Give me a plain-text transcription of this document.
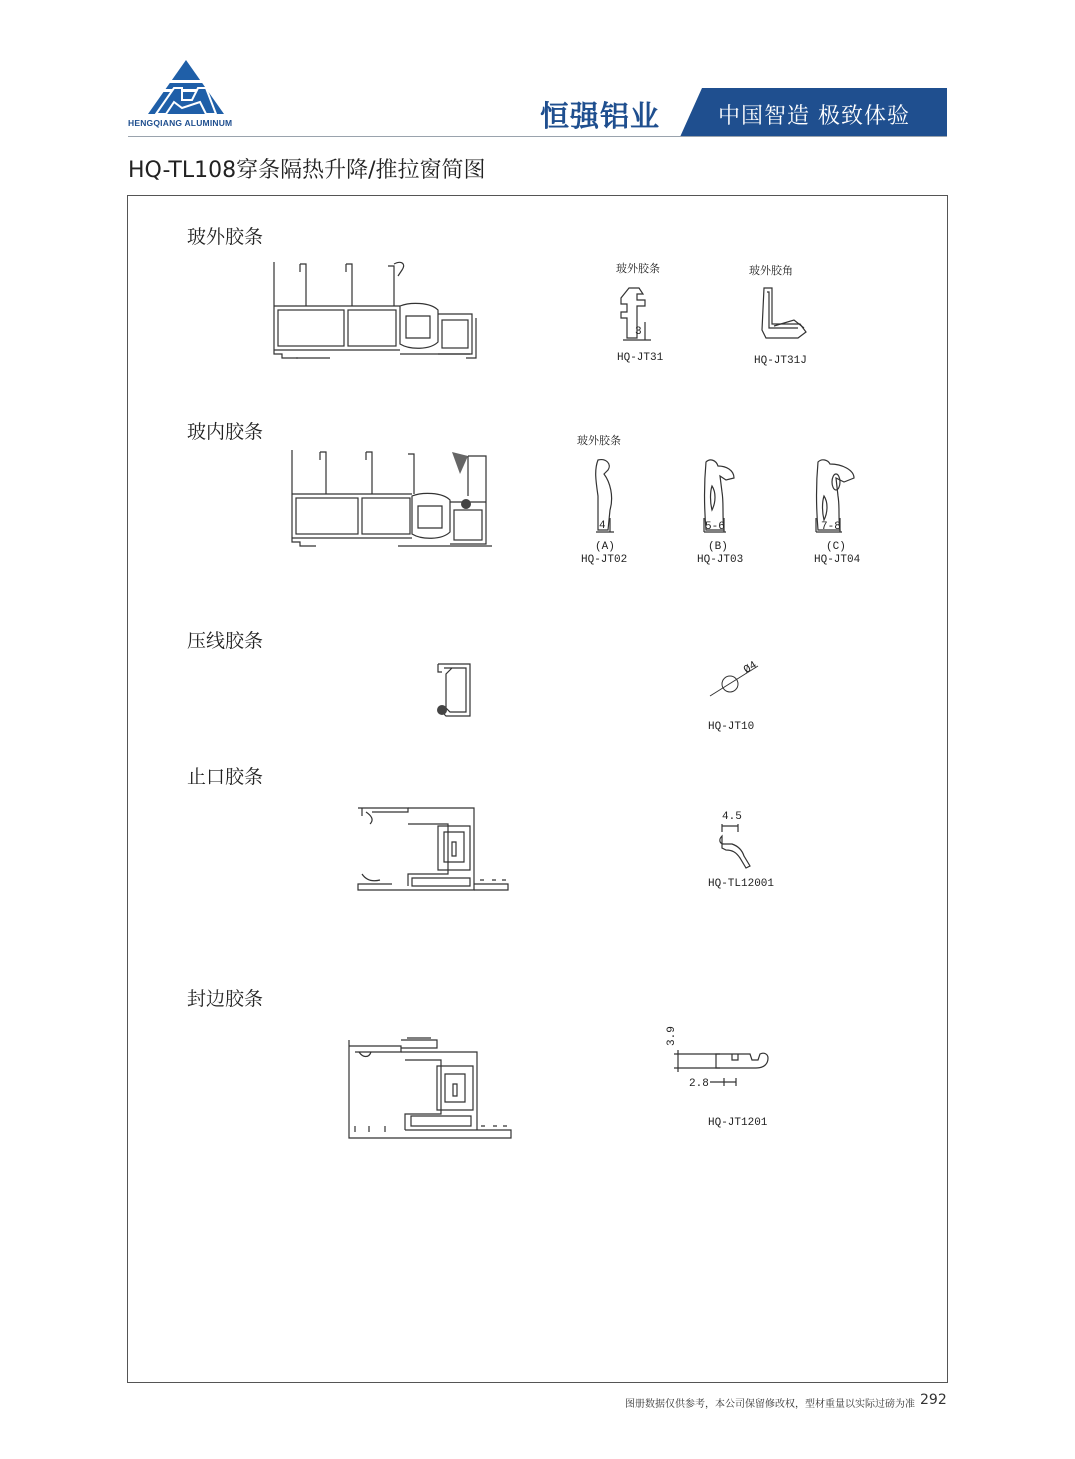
HENGQIANG ALUMINUM	恒强铝业	中国智造 极致体验
HQ-TL108穿条隔热升降/推拉窗简图
玻外胶条
玻外胶条	玻外胶角
3
HQ-JT31	HQ-JT31J
玻内胶条	玻外胶条
4
(A)
HQ-JT02
5-6
(B)
HQ-JT03
7-8
(C)
HQ-JT04
压线胶条
Ø4
HQ-JT10
止口胶条
4.5
HQ-TL12001
封边胶条
3.9
2.8
HQ-JT1201
图册数据仅供参考，本公司保留修改权，型材重量以实际过磅为准 292
